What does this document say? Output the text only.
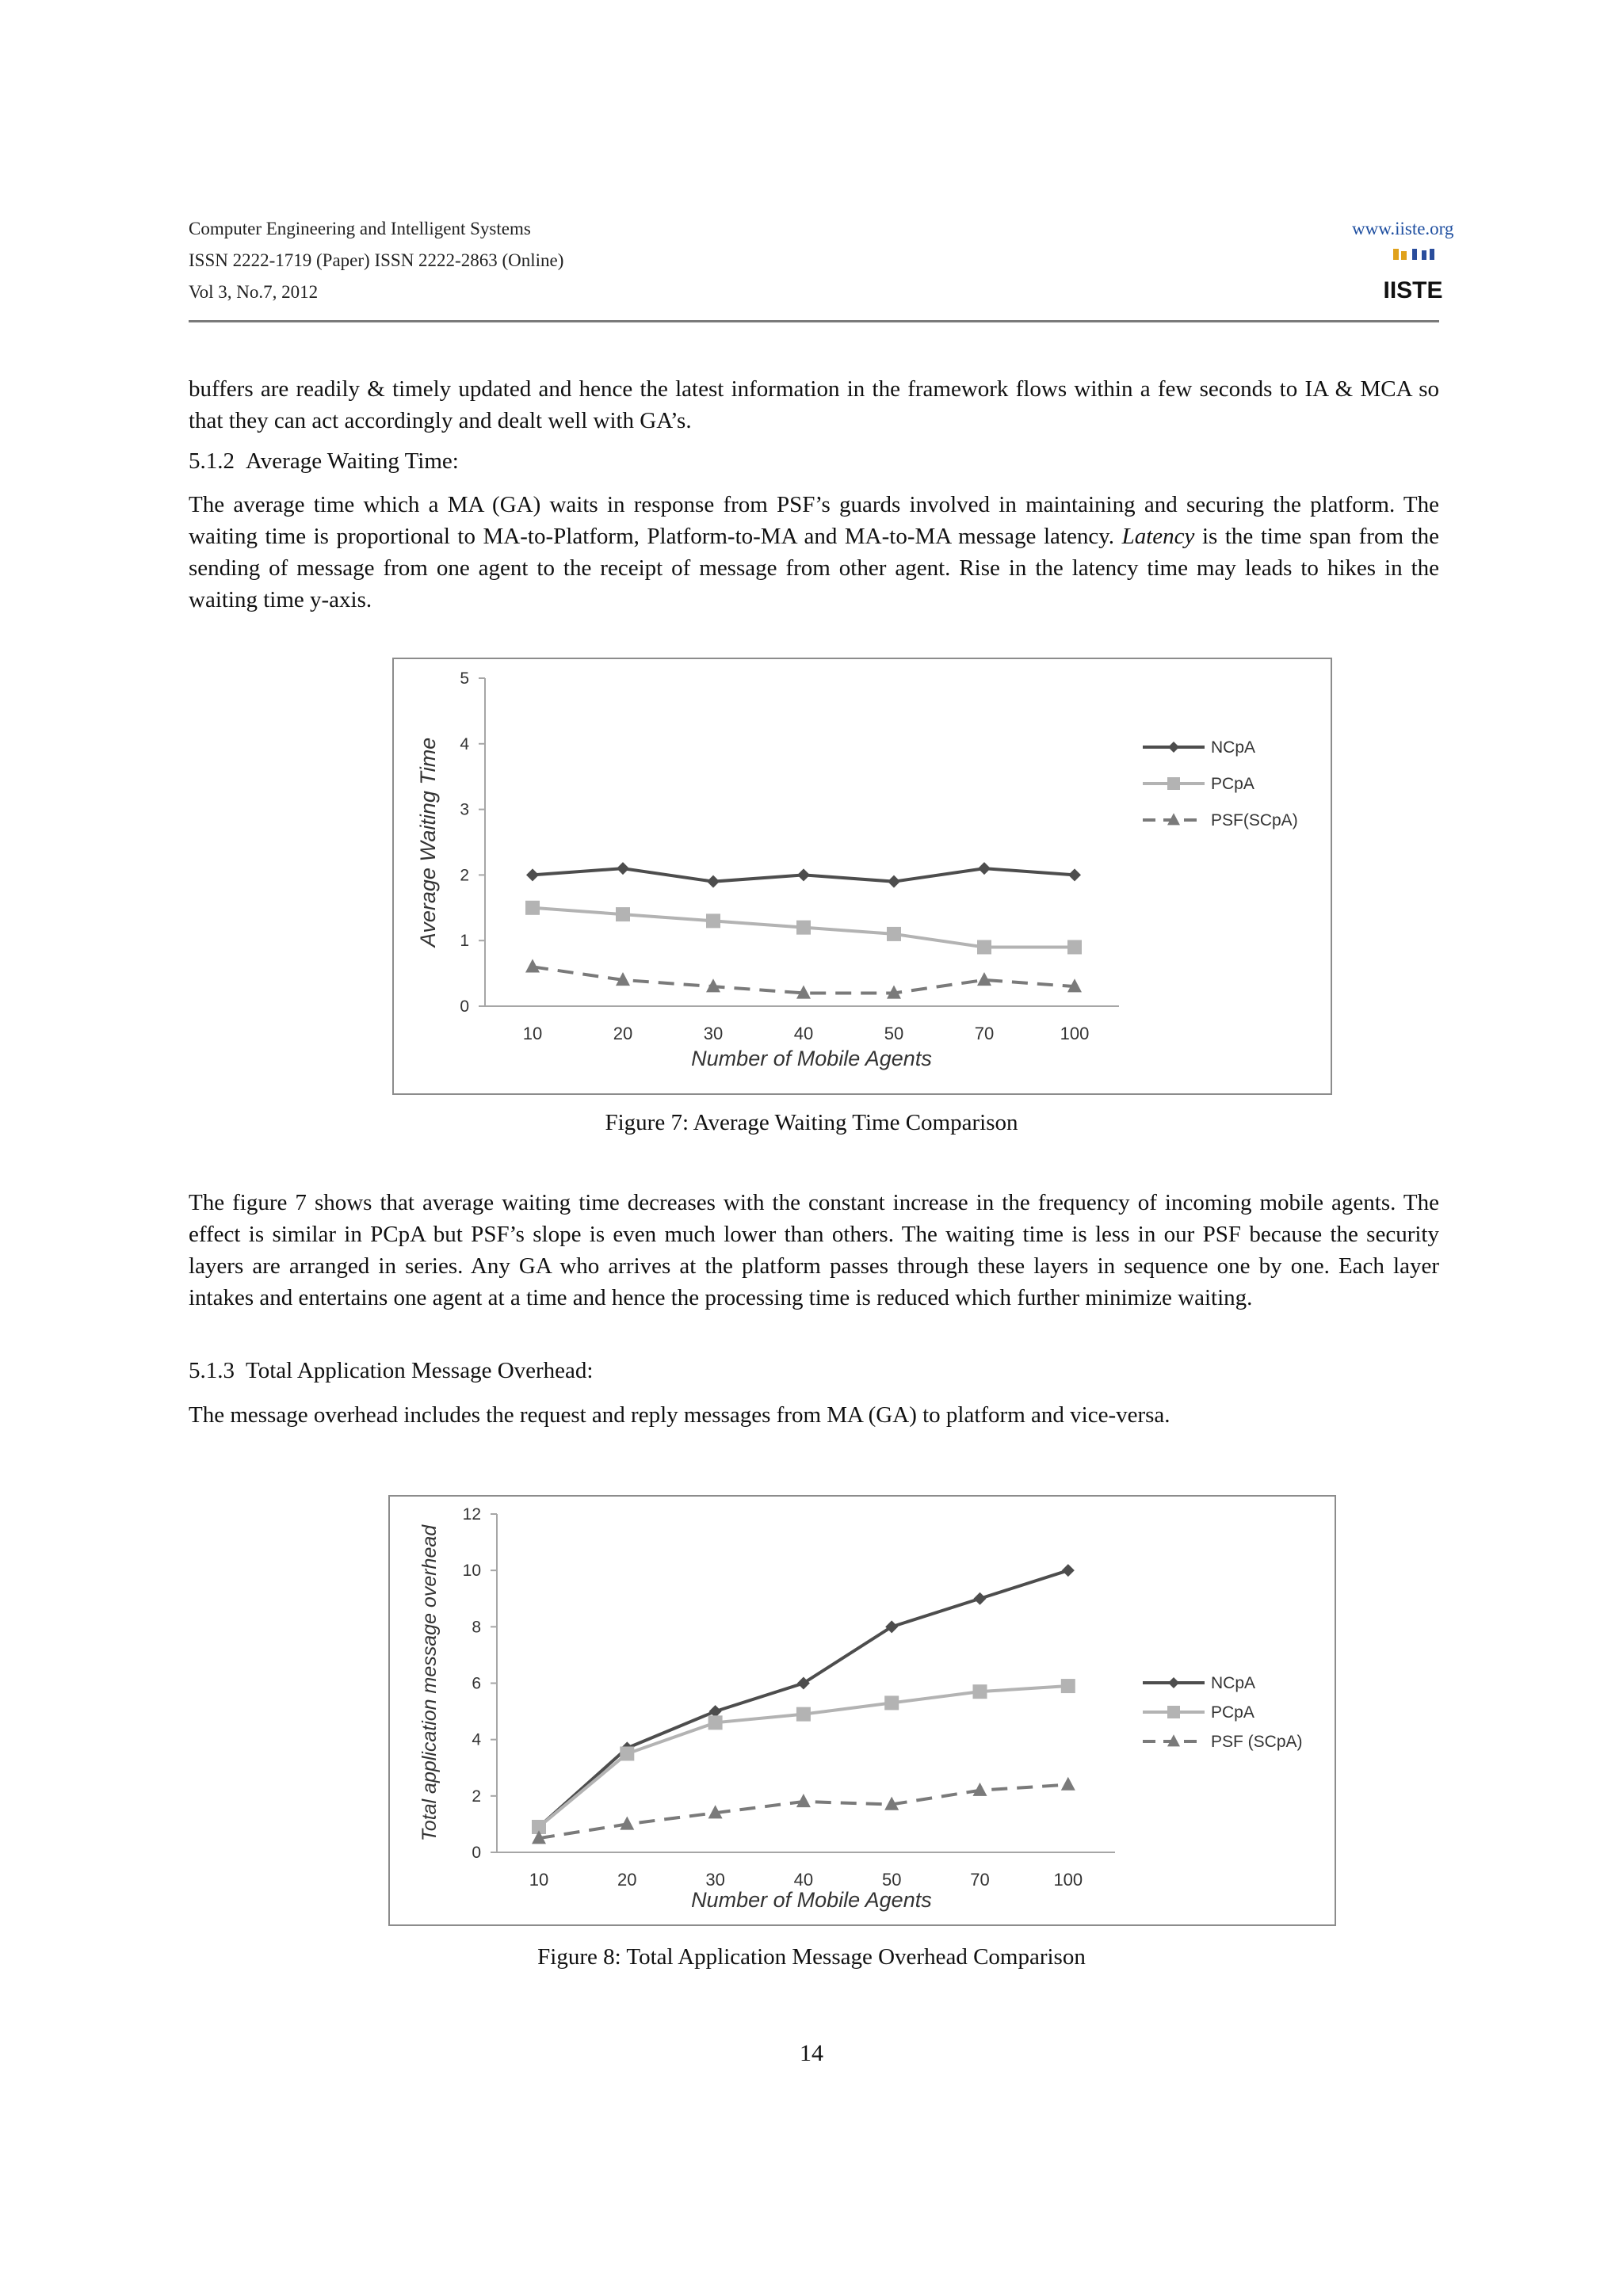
Computer Engineering and Intelligent Systems
ISSN 2222-1719 (Paper) ISSN 2222-2863 (Online)
Vol 3, No.7, 2012
www.iiste.org
IISTE
buffers are readily & timely updated and hence the latest information in the framework flows within a few seconds to IA & MCA so that they can act accordingly and dealt well with GA’s.
5.1.2 Average Waiting Time:
The average time which a MA (GA) waits in response from PSF’s guards involved in maintaining and securing the platform. The waiting time is proportional to MA-to-Platform, Platform-to-MA and MA-to-MA message latency. Latency is the time span from the sending of message from one agent to the receipt of message from other agent. Rise in the latency time may leads to hikes in the waiting time y-axis.
0
1
2
3
4
5
10	20	30	40	50	70	100
Number of Mobile Agents
Average Waiting Time	NCpA
PCpA
PSF(SCpA)
Figure 7: Average Waiting Time Comparison
The figure 7 shows that average waiting time decreases with the constant increase in the frequency of incoming mobile agents. The effect is similar in PCpA but PSF’s slope is even much lower than others. The waiting time is less in our PSF because the security layers are arranged in series. Any GA who arrives at the platform passes through these layers in sequence one by one. Each layer intakes and entertains one agent at a time and hence the processing time is reduced which further minimize waiting.
5.1.3 Total Application Message Overhead:
The message overhead includes the request and reply messages from MA (GA) to platform and vice-versa.
0
2
4
6
8
10
12
10	20	30	40	50	70	100
Number of Mobile Agents
Total application message overhead	NCpA
PCpA
PSF (SCpA)
Figure 8: Total Application Message Overhead Comparison
14
